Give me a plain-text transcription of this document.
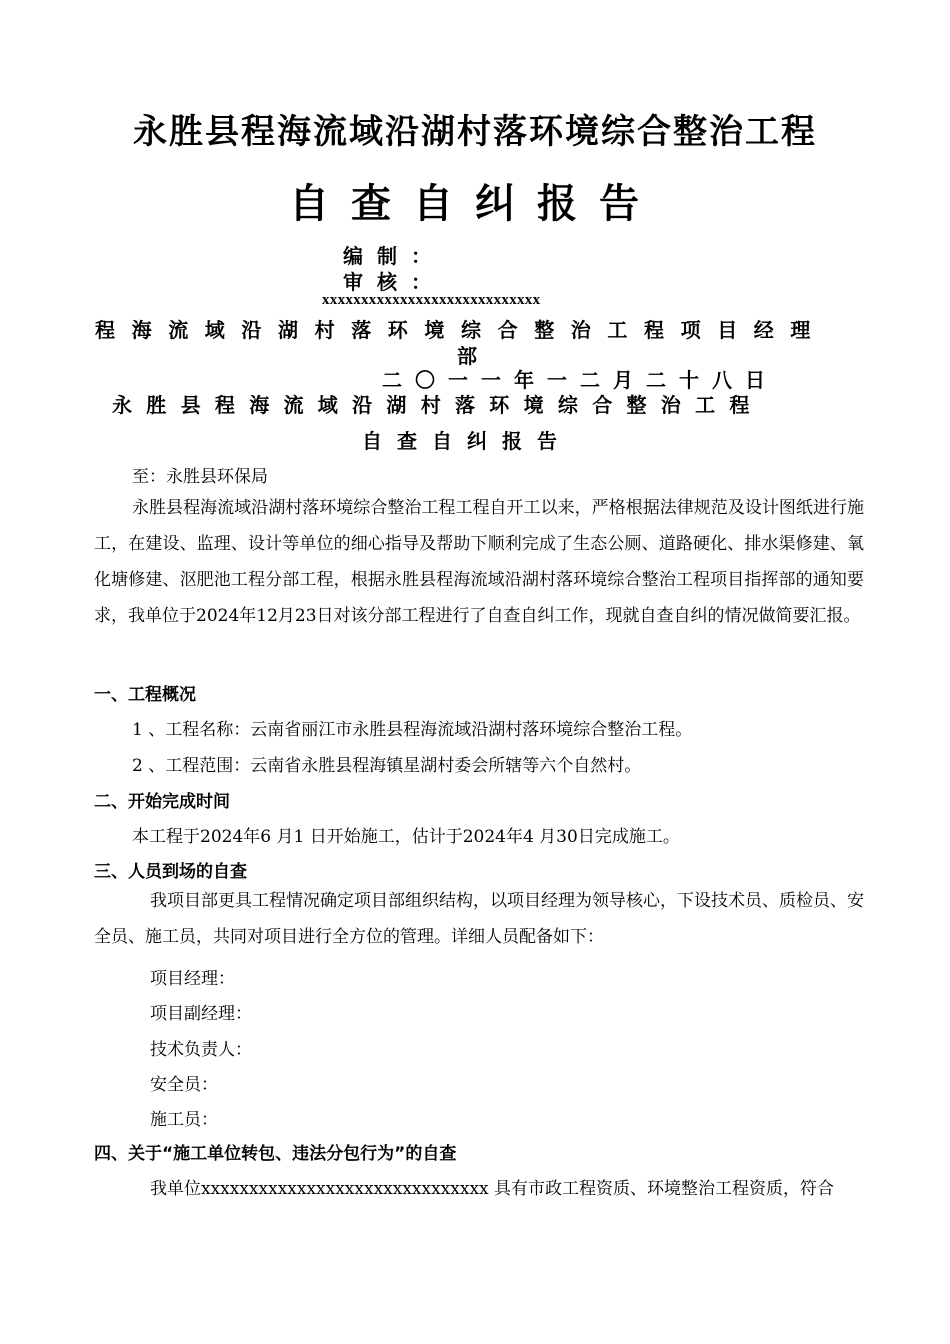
永胜县程海流域沿湖村落环境综合整治工程
自查自纠报告
编制：
审核：
xxxxxxxxxxxxxxxxxxxxxxxxxxxx
程海流域沿湖村落环境综合整治工程项目经理
部
二〇一一年一二月二十八日
永胜县程海流域沿湖村落环境综合整治工程
自查自纠报告
至：永胜县环保局
永胜县程海流域沿湖村落环境综合整治工程工程自开工以来，严格根据法律规范及设计图纸进行施工，在建设、监理、设计等单位的细心指导及帮助下顺利完成了生态公厕、道路硬化、排水渠修建、氧化塘修建、沤肥池工程分部工程，根据永胜县程海流域沿湖村落环境综合整治工程项目指挥部的通知要求，我单位于2024年12月23日对该分部工程进行了自查自纠工作，现就自查自纠的情况做简要汇报。
一、工程概况
1 、工程名称：云南省丽江市永胜县程海流域沿湖村落环境综合整治工程。
2 、工程范围：云南省永胜县程海镇星湖村委会所辖等六个自然村。
二、开始完成时间
本工程于2024年6 月1 日开始施工，估计于2024年4 月30日完成施工。
三、人员到场的自查
我项目部更具工程情况确定项目部组织结构，以项目经理为领导核心，下设技术员、质检员、安全员、施工员，共同对项目进行全方位的管理。详细人员配备如下：
项目经理：
项目副经理：
技术负责人：
安全员：
施工员：
四、关于“施工单位转包、违法分包行为”的自查
我单位xxxxxxxxxxxxxxxxxxxxxxxxxxxxxx 具有市政工程资质、环境整治工程资质，符合
